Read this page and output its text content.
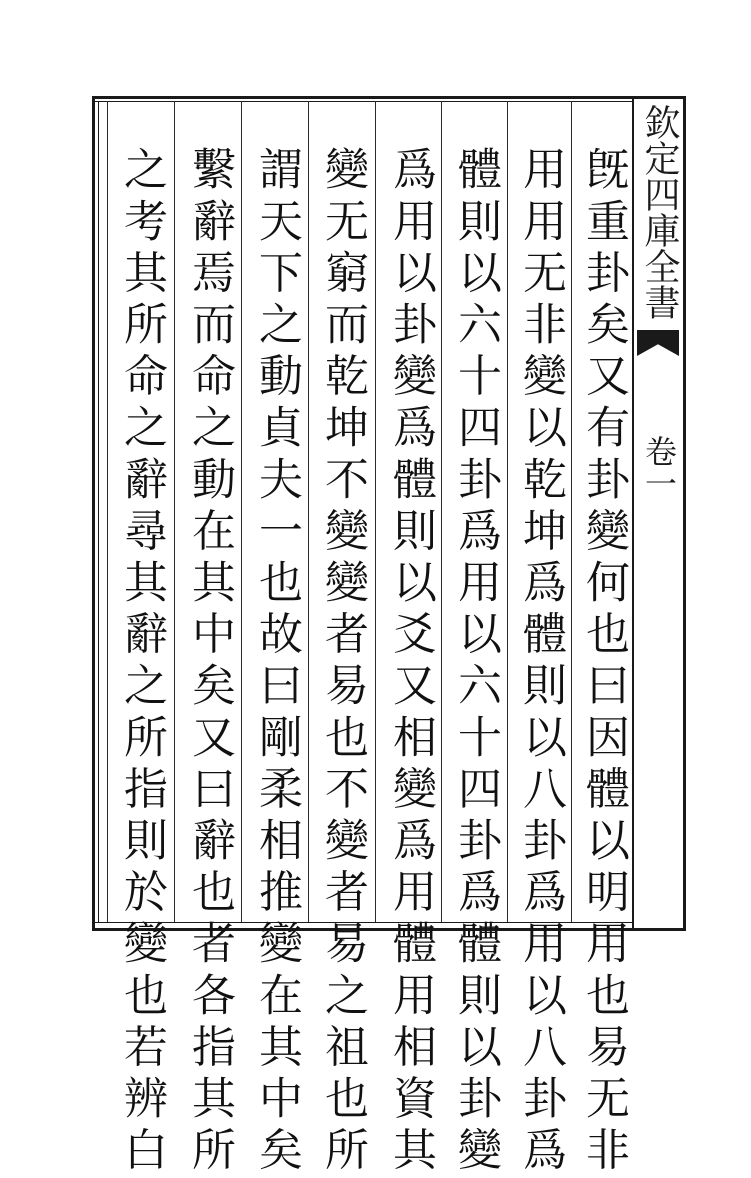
欽定四庫全書
卷一
旣重卦矣又有卦變何也曰因體以明用也易无非
用用无非變以乾坤爲體則以八卦爲用以八卦爲
體則以六十四卦爲用以六十四卦爲體則以卦變
爲用以卦變爲體則以爻又相變爲用體用相資其
變无窮而乾坤不變變者易也不變者易之祖也所
謂天下之動貞夫一也故曰剛柔相推變在其中矣
繫辭焉而命之動在其中矣又曰辭也者各指其所
之考其所命之辭尋其辭之所指則於變也若辨白
